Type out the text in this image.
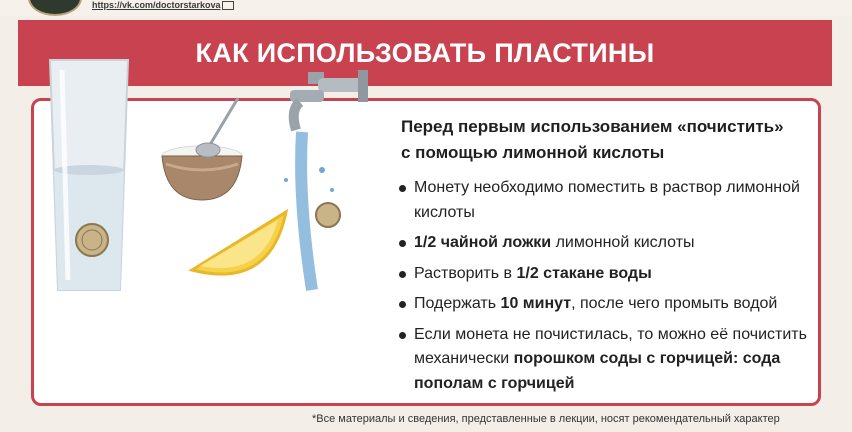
https://vk.com/doctorstarkova
КАК ИСПОЛЬЗОВАТЬ ПЛАСТИНЫ
Перед первым использованием «почистить»
с помощью лимонной кислоты
Монету необходимо поместить в раствор лимонной кислоты
1/2 чайной ложки лимонной кислоты
Растворить в 1/2 стакане воды
Подержать 10 минут, после чего промыть водой
Если монета не почистилась, то можно её почистить механически порошком соды с горчицей: сода пополам с горчицей
*Все материалы и сведения, представленные в лекции, носят рекомендательный характер
